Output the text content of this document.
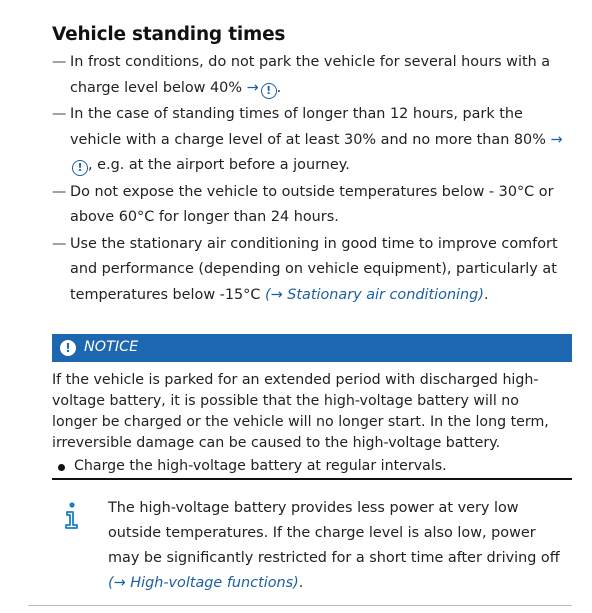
Vehicle standing times
— In frost conditions, do not park the vehicle for several hours with a charge level below 40% → ! .
— In the case of standing times of longer than 12 hours, park the vehicle with a charge level of at least 30% and no more than 80% →! , e.g. at the airport before a journey.
— Do not expose the vehicle to outside temperatures below - 30°C or above 60°C for longer than 24 hours.
— Use the stationary air conditioning in good time to improve comfort and performance (depending on vehicle equipment), particularly at temperatures below -15°C (→ Stationary air conditioning).
! NOTICE
If the vehicle is parked for an extended period with discharged high-voltage battery, it is possible that the high-voltage battery will no longer be charged or the vehicle will no longer start. In the long term, irreversible damage can be caused to the high-voltage battery.
Charge the high-voltage battery at regular intervals.
The high-voltage battery provides less power at very low outside temperatures. If the charge level is also low, power may be significantly restricted for a short time after driving off (→ High-voltage functions).
